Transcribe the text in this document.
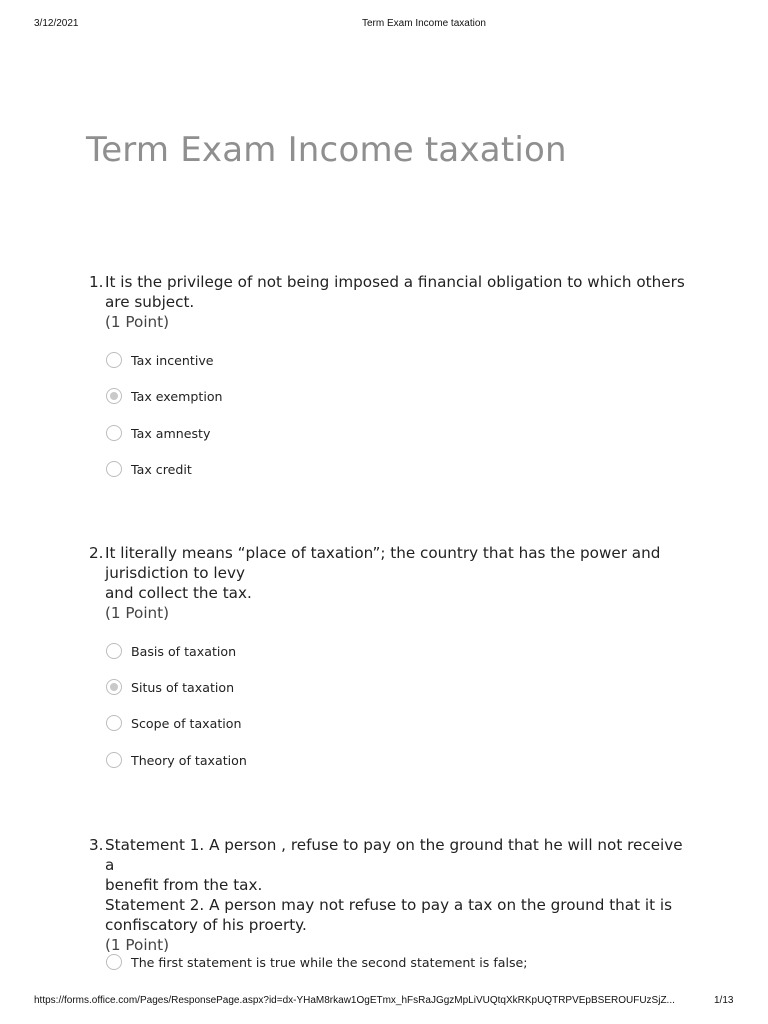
3/12/2021	Term Exam Income taxation
Term Exam Income taxation
1. It is the privilege of not being imposed a financial obligation to which others
are subject.
(1 Point)
Tax incentive
Tax exemption
Tax amnesty
Tax credit
2. It literally means “place of taxation”; the country that has the power and
jurisdiction to levy
and collect the tax.
(1 Point)
Basis of taxation
Situs of taxation
Scope of taxation
Theory of taxation
3. Statement 1. A person , refuse to pay on the ground that he will not receive a
benefit from the tax.
Statement 2. A person may not refuse to pay a tax on the ground that it is
confiscatory of his proerty.
(1 Point)
The first statement is true while the second statement is false;
https://forms.office.com/Pages/ResponsePage.aspx?id=dx-YHaM8rkaw1OgETmx_hFsRaJGgzMpLiVUQtqXkRKpUQTRPVEpBSEROUFUzSjZ...	1/13
